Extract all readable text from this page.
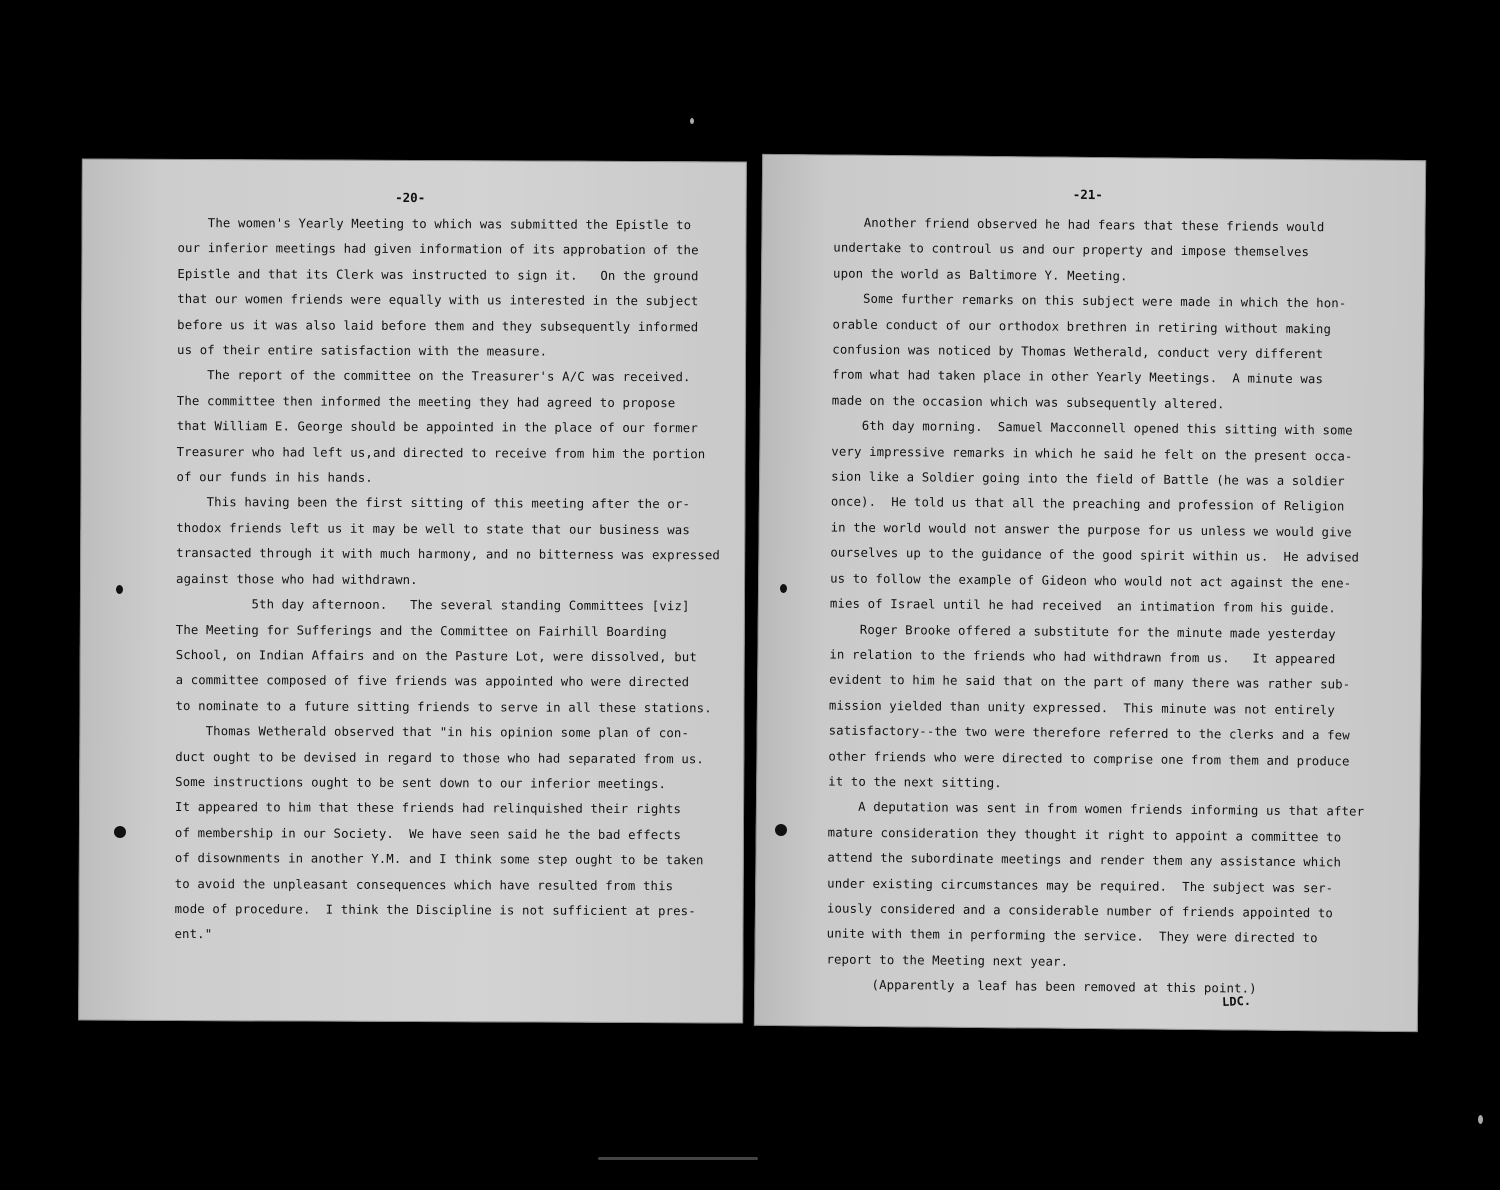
-20-
The women's Yearly Meeting to which was submitted the Epistle to
our inferior meetings had given information of its approbation of the
Epistle and that its Clerk was instructed to sign it.   On the ground
that our women friends were equally with us interested in the subject
before us it was also laid before them and they subsequently informed
us of their entire satisfaction with the measure.
The report of the committee on the Treasurer's A/C was received.
The committee then informed the meeting they had agreed to propose
that William E. George should be appointed in the place of our former
Treasurer who had left us,and directed to receive from him the portion
of our funds in his hands.
This having been the first sitting of this meeting after the or-
thodox friends left us it may be well to state that our business was
transacted through it with much harmony, and no bitterness was expressed
against those who had withdrawn.
5th day afternoon.   The several standing Committees [viz]
The Meeting for Sufferings and the Committee on Fairhill Boarding
School, on Indian Affairs and on the Pasture Lot, were dissolved, but
a committee composed of five friends was appointed who were directed
to nominate to a future sitting friends to serve in all these stations.
Thomas Wetherald observed that "in his opinion some plan of con-
duct ought to be devised in regard to those who had separated from us.
Some instructions ought to be sent down to our inferior meetings.
It appeared to him that these friends had relinquished their rights
of membership in our Society.  We have seen said he the bad effects
of disownments in another Y.M. and I think some step ought to be taken
to avoid the unpleasant consequences which have resulted from this
mode of procedure.  I think the Discipline is not sufficient at pres-
ent."
-21-
Another friend observed he had fears that these friends would
undertake to controul us and our property and impose themselves
upon the world as Baltimore Y. Meeting.
Some further remarks on this subject were made in which the hon-
orable conduct of our orthodox brethren in retiring without making
confusion was noticed by Thomas Wetherald, conduct very different
from what had taken place in other Yearly Meetings.  A minute was
made on the occasion which was subsequently altered.
6th day morning.  Samuel Macconnell opened this sitting with some
very impressive remarks in which he said he felt on the present occa-
sion like a Soldier going into the field of Battle (he was a soldier
once).  He told us that all the preaching and profession of Religion
in the world would not answer the purpose for us unless we would give
ourselves up to the guidance of the good spirit within us.  He advised
us to follow the example of Gideon who would not act against the ene-
mies of Israel until he had received  an intimation from his guide.
Roger Brooke offered a substitute for the minute made yesterday
in relation to the friends who had withdrawn from us.   It appeared
evident to him he said that on the part of many there was rather sub-
mission yielded than unity expressed.  This minute was not entirely
satisfactory--the two were therefore referred to the clerks and a few
other friends who were directed to comprise one from them and produce
it to the next sitting.
A deputation was sent in from women friends informing us that after
mature consideration they thought it right to appoint a committee to
attend the subordinate meetings and render them any assistance which
under existing circumstances may be required.  The subject was ser-
iously considered and a considerable number of friends appointed to
unite with them in performing the service.  They were directed to
report to the Meeting next year.
(Apparently a leaf has been removed at this point.)
LDC.
